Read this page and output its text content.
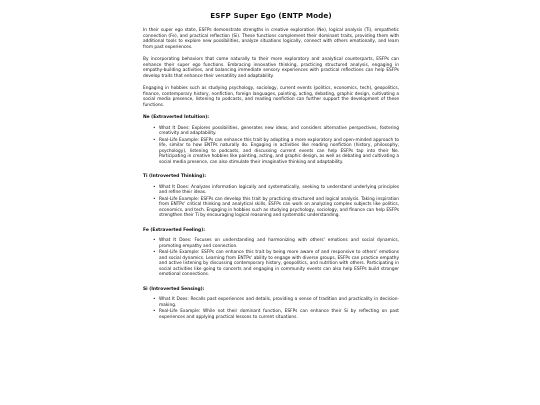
ESFP Super Ego (ENTP Mode)

In their super ego state, ESFPs demonstrate strengths in creative exploration (Ne), logical analysis (Ti), empathetic connection (Fe), and practical reflection (Si). These functions complement their dominant traits, providing them with additional tools to explore new possibilities, analyze situations logically, connect with others emotionally, and learn from past experiences.

By incorporating behaviors that come naturally to their more exploratory and analytical counterparts, ESFPs can enhance their super ego functions. Embracing innovative thinking, practicing structured analysis, engaging in empathy-building activities, and balancing immediate sensory experiences with practical reflections can help ESFPs develop traits that enhance their versatility and adaptability.

Engaging in hobbies such as studying psychology, sociology, current events (politics, economics, tech), geopolitics, finance, contemporary history, nonfiction, foreign languages, painting, acting, debating, graphic design, cultivating a social media presence, listening to podcasts, and reading nonfiction can further support the development of these functions.

Ne (Extraverted Intuition):
• What It Does: Explores possibilities, generates new ideas, and considers alternative perspectives, fostering creativity and adaptability.
• Real-Life Example: ESFPs can enhance this trait by adopting a more exploratory and open-minded approach to life, similar to how ENTPs naturally do. Engaging in activities like reading nonfiction (history, philosophy, psychology), listening to podcasts, and discussing current events can help ESFPs tap into their Ne. Participating in creative hobbies like painting, acting, and graphic design, as well as debating and cultivating a social media presence, can also stimulate their imaginative thinking and adaptability.
Ti (Introverted Thinking):
• What It Does: Analyzes information logically and systematically, seeking to understand underlying principles and refine their ideas.
• Real-Life Example: ESFPs can develop this trait by practicing structured and logical analysis. Taking inspiration from ENTPs' critical thinking and analytical skills, ESFPs can work on analyzing complex subjects like politics, economics, and tech. Engaging in hobbies such as studying psychology, sociology, and finance can help ESFPs strengthen their Ti by encouraging logical reasoning and systematic understanding.
Fe (Extraverted Feeling):
• What It Does: Focuses on understanding and harmonizing with others' emotions and social dynamics, promoting empathy and connection.
• Real-Life Example: ESFPs can enhance this trait by being more aware of and responsive to others' emotions and social dynamics. Learning from ENTPs' ability to engage with diverse groups, ESFPs can practice empathy and active listening by discussing contemporary history, geopolitics, and nutrition with others. Participating in social activities like going to concerts and engaging in community events can also help ESFPs build stronger emotional connections.
Si (Introverted Sensing):
• What It Does: Recalls past experiences and details, providing a sense of tradition and practicality in decision-making.
• Real-Life Example: While not their dominant function, ESFPs can enhance their Si by reflecting on past experiences and applying practical lessons to current situations.
